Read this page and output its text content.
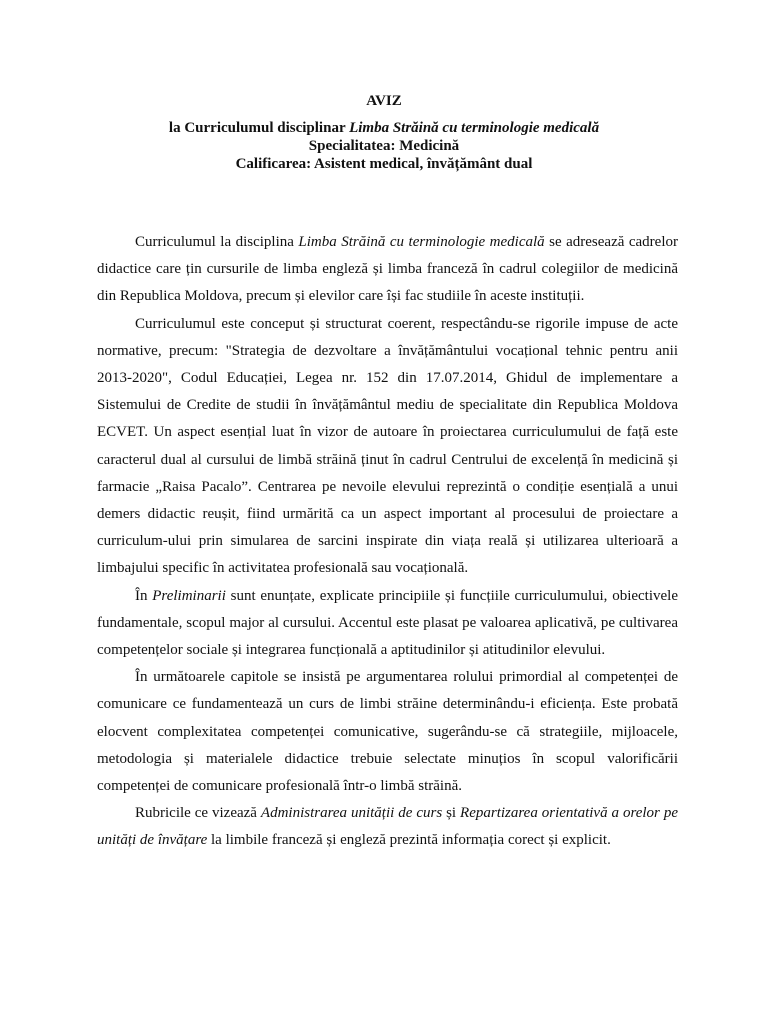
AVIZ
la Curriculumul disciplinar Limba Străină cu terminologie medicală
Specialitatea: Medicină
Calificarea: Asistent medical, învățământ dual

Curriculumul la disciplina Limba Străină cu terminologie medicală se adresează cadrelor didactice care țin cursurile de limba engleză și limba franceză în cadrul colegiilor de medicină din Republica Moldova, precum și elevilor care își fac studiile în aceste instituții.

Curriculumul este conceput și structurat coerent, respectându-se rigorile impuse de acte normative, precum: "Strategia de dezvoltare a învățământului vocațional tehnic pentru anii 2013-2020", Codul Educației, Legea nr. 152 din 17.07.2014, Ghidul de implementare a Sistemului de Credite de studii în învățământul mediu de specialitate din Republica Moldova ECVET. Un aspect esențial luat în vizor de autoare în proiectarea curriculumului de față este caracterul dual al cursului de limbă străină ținut în cadrul Centrului de excelență în medicină și farmacie „Raisa Pacalo”. Centrarea pe nevoile elevului reprezintă o condiție esențială a unui demers didactic reușit, fiind urmărită ca un aspect important al procesului de proiectare a curriculum-ului prin simularea de sarcini inspirate din viața reală și utilizarea ulterioară a limbajului specific în activitatea profesională sau vocațională.

În Preliminarii sunt enunțate, explicate principiile și funcțiile curriculumului, obiectivele fundamentale, scopul major al cursului. Accentul este plasat pe valoarea aplicativă, pe cultivarea competențelor sociale și integrarea funcțională a aptitudinilor și atitudinilor elevului.

În următoarele capitole se insistă pe argumentarea rolului primordial al competenței de comunicare ce fundamentează un curs de limbi străine determinându-i eficiența. Este probată elocvent complexitatea competenței comunicative, sugerându-se că strategiile, mijloacele, metodologia și materialele didactice trebuie selectate minuțios în scopul valorificării competenței de comunicare profesională într-o limbă străină.

Rubricile ce vizează Administrarea unității de curs și Repartizarea orientativă a orelor pe unități de învățare la limbile franceză și engleză prezintă informația corect și explicit.
